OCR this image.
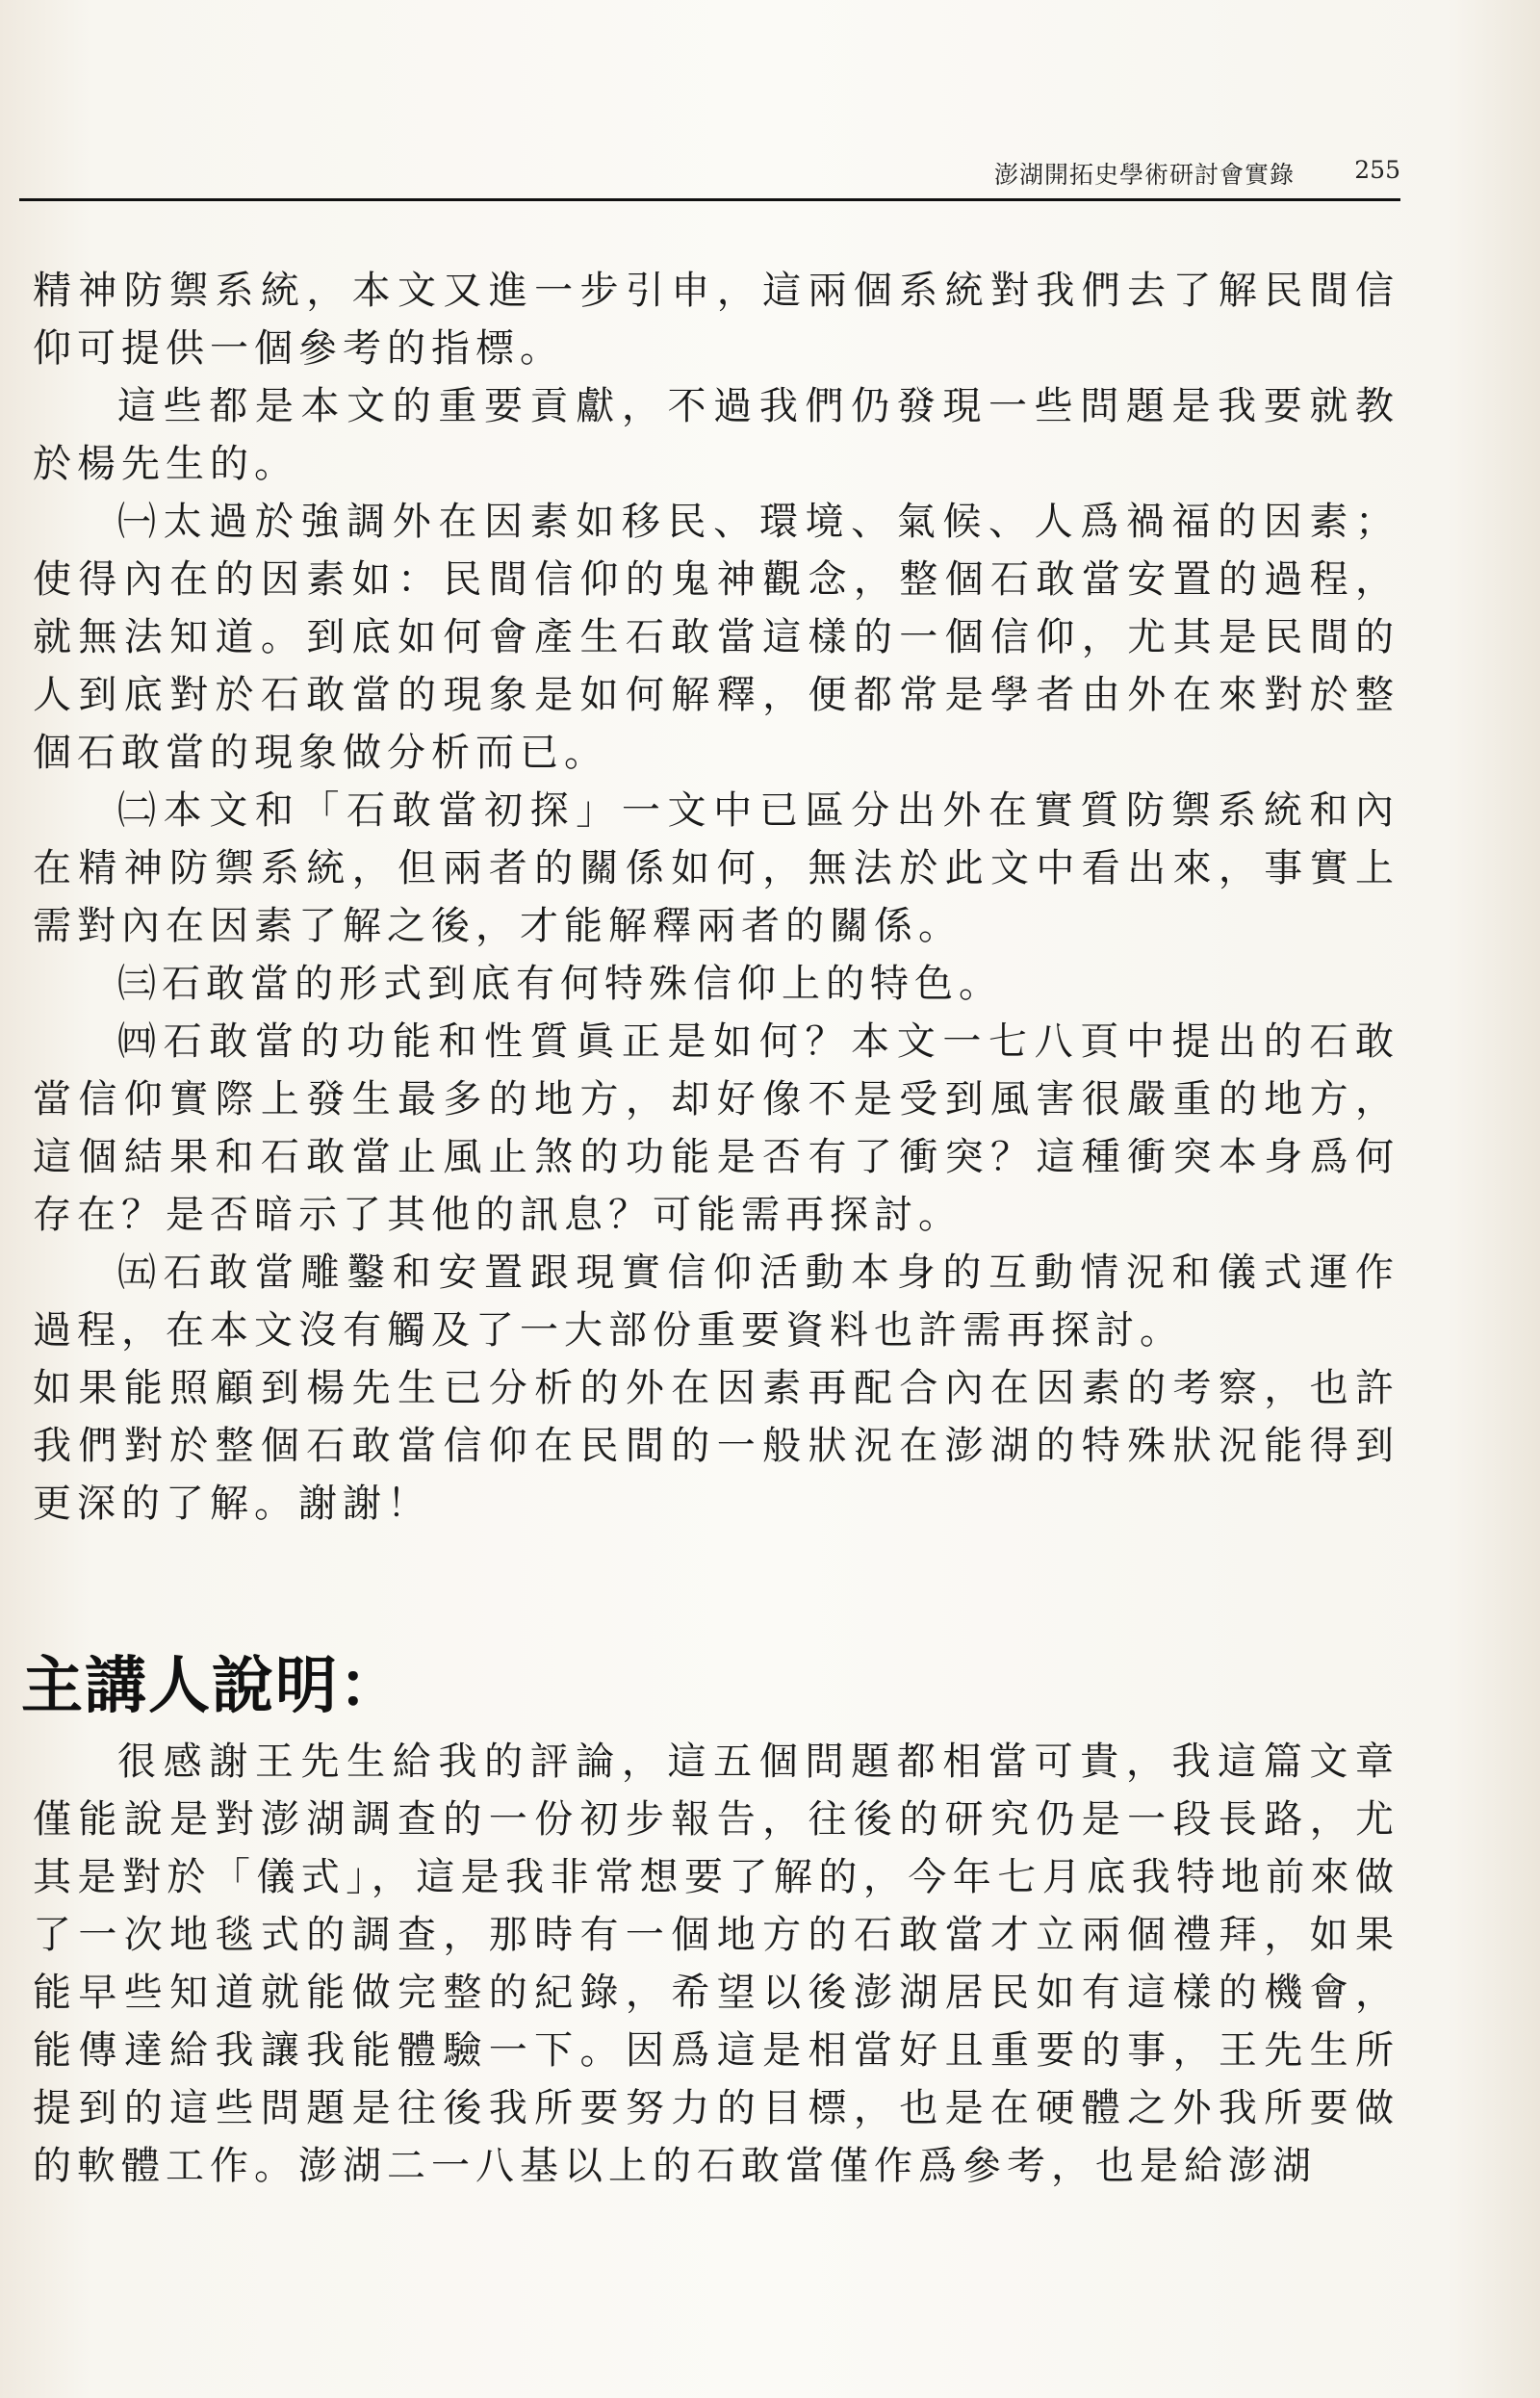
澎湖開拓史學術研討會實錄 255

精神防禦系統，本文又進一步引申，這兩個系統對我們去了解民間信仰可提供一個參考的指標。

這些都是本文的重要貢獻，不過我們仍發現一些問題是我要就教於楊先生的。

㈠太過於強調外在因素如移民、環境、氣候、人爲禍福的因素；使得內在的因素如：民間信仰的鬼神觀念，整個石敢當安置的過程，就無法知道。到底如何會產生石敢當這樣的一個信仰，尤其是民間的人到底對於石敢當的現象是如何解釋，便都常是學者由外在來對於整個石敢當的現象做分析而已。

㈡本文和「石敢當初探」一文中已區分出外在實質防禦系統和內在精神防禦系統，但兩者的關係如何，無法於此文中看出來，事實上需對內在因素了解之後，才能解釋兩者的關係。

㈢石敢當的形式到底有何特殊信仰上的特色。

㈣石敢當的功能和性質眞正是如何？本文一七八頁中提出的石敢當信仰實際上發生最多的地方，却好像不是受到風害很嚴重的地方，這個結果和石敢當止風止煞的功能是否有了衝突？這種衝突本身爲何存在？是否暗示了其他的訊息？可能需再探討。

㈤石敢當雕鑿和安置跟現實信仰活動本身的互動情況和儀式運作過程，在本文沒有觸及了一大部份重要資料也許需再探討。

如果能照顧到楊先生已分析的外在因素再配合內在因素的考察，也許我們對於整個石敢當信仰在民間的一般狀況在澎湖的特殊狀況能得到更深的了解。謝謝！

主講人說明：

很感謝王先生給我的評論，這五個問題都相當可貴，我這篇文章僅能說是對澎湖調查的一份初步報告，往後的研究仍是一段長路，尤其是對於「儀式」，這是我非常想要了解的，今年七月底我特地前來做了一次地毯式的調查，那時有一個地方的石敢當才立兩個禮拜，如果能早些知道就能做完整的紀錄，希望以後澎湖居民如有這樣的機會，能傳達給我讓我能體驗一下。因爲這是相當好且重要的事，王先生所提到的這些問題是往後我所要努力的目標，也是在硬體之外我所要做的軟體工作。澎湖二一八基以上的石敢當僅作爲參考，也是給澎湖
